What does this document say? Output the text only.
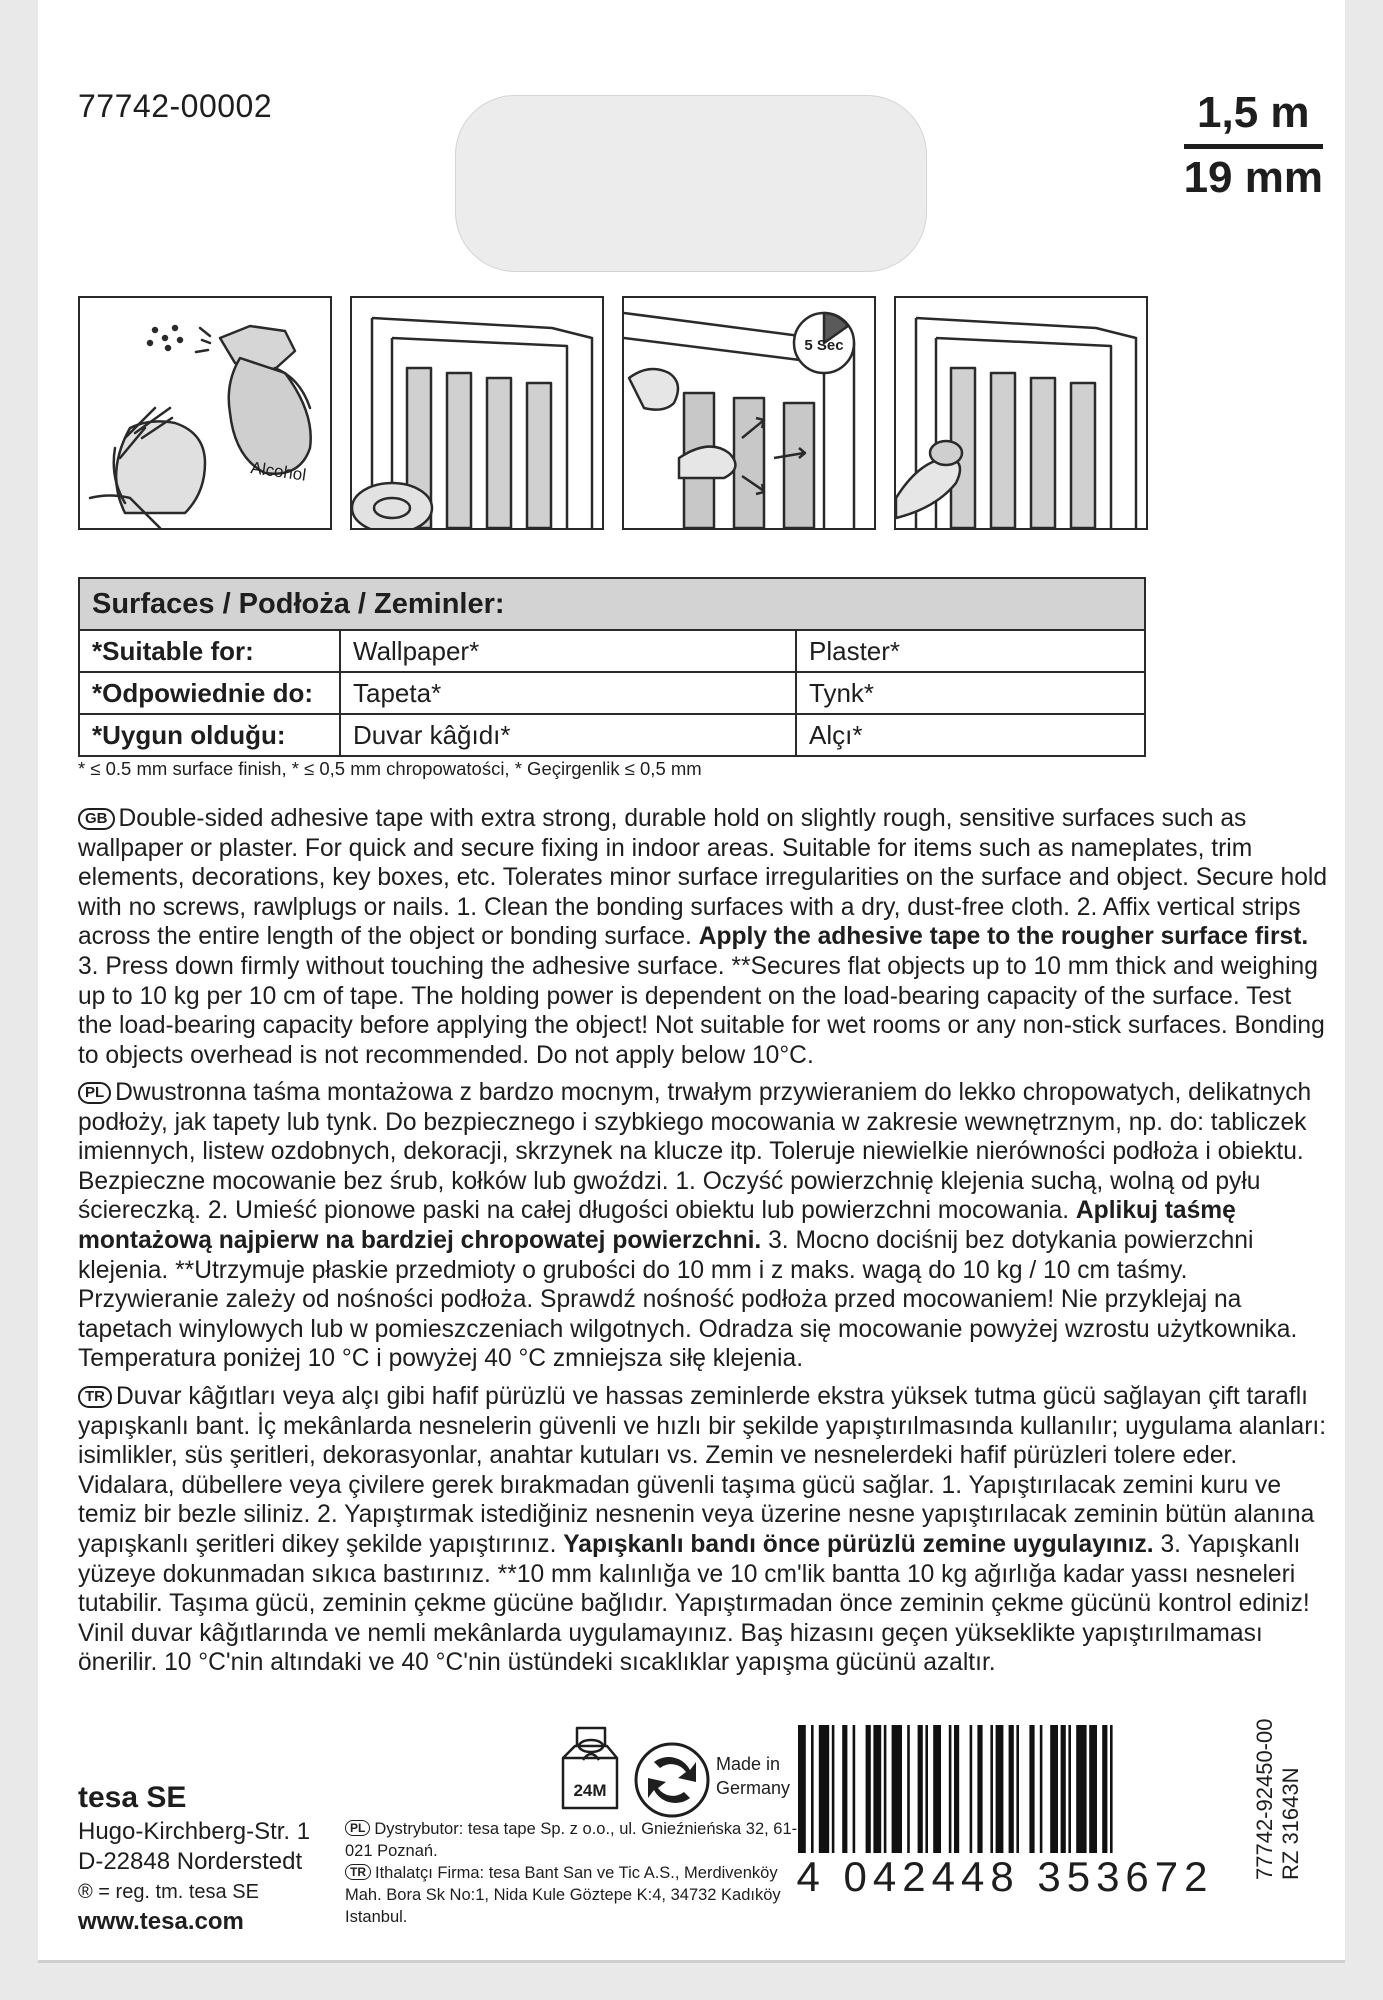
77742-00002	1,5 m
19 mm
Alcohol
5 Sec
Surfaces / Podłoża / Zeminler:		
*Suitable for:	Wallpaper*	Plaster*
*Odpowiednie do:	Tapeta*	Tynk*
*Uygun olduğu:	Duvar kâğıdı*	Alçı*
* ≤ 0.5 mm surface finish, * ≤ 0,5 mm chropowatości, * Geçirgenlik ≤ 0,5 mm
GB Double-sided adhesive tape with extra strong, durable hold on slightly rough, sensitive surfaces such as wallpaper or plaster. For quick and secure fixing in indoor areas. Suitable for items such as nameplates, trim elements, decorations, key boxes, etc. Tolerates minor surface irregularities on the surface and object. Secure hold with no screws, rawlplugs or nails. 1. Clean the bonding surfaces with a dry, dust-free cloth. 2. Affix vertical strips across the entire length of the object or bonding surface. Apply the adhesive tape to the rougher surface first. 3. Press down firmly without touching the adhesive surface. **Secures flat objects up to 10 mm thick and weighing up to 10 kg per 10 cm of tape. The holding power is dependent on the load-bearing capacity of the surface. Test the load-bearing capacity before applying the object! Not suitable for wet rooms or any non-stick surfaces. Bonding to objects overhead is not recommended. Do not apply below 10°C.
PL Dwustronna taśma montażowa z bardzo mocnym, trwałym przywieraniem do lekko chropowatych, delikatnych podłoży, jak tapety lub tynk. Do bezpiecznego i szybkiego mocowania w zakresie wewnętrznym, np. do: tabliczek imiennych, listew ozdobnych, dekoracji, skrzynek na klucze itp. Toleruje niewielkie nierówności podłoża i obiektu. Bezpieczne mocowanie bez śrub, kołków lub gwoździ. 1. Oczyść powierzchnię klejenia suchą, wolną od pyłu ściereczką. 2. Umieść pionowe paski na całej długości obiektu lub powierzchni mocowania. Aplikuj taśmę montażową najpierw na bardziej chropowatej powierzchni. 3. Mocno dociśnij bez dotykania powierzchni klejenia. **Utrzymuje płaskie przedmioty o grubości do 10 mm i z maks. wagą do 10 kg / 10 cm taśmy. Przywieranie zależy od nośności podłoża. Sprawdź nośność podłoża przed mocowaniem! Nie przyklejaj na tapetach winylowych lub w pomieszczeniach wilgotnych. Odradza się mocowanie powyżej wzrostu użytkownika. Temperatura poniżej 10 °C i powyżej 40 °C zmniejsza siłę klejenia.
TR Duvar kâğıtları veya alçı gibi hafif pürüzlü ve hassas zeminlerde ekstra yüksek tutma gücü sağlayan çift taraflı yapışkanlı bant. İç mekânlarda nesnelerin güvenli ve hızlı bir şekilde yapıştırılmasında kullanılır; uygulama alanları: isimlikler, süs şeritleri, dekorasyonlar, anahtar kutuları vs. Zemin ve nesnelerdeki hafif pürüzleri tolere eder. Vidalara, dübellere veya çivilere gerek bırakmadan güvenli taşıma gücü sağlar. 1. Yapıştırılacak zemini kuru ve temiz bir bezle siliniz. 2. Yapıştırmak istediğiniz nesnenin veya üzerine nesne yapıştırılacak zeminin bütün alanına yapışkanlı şeritleri dikey şekilde yapıştırınız. Yapışkanlı bandı önce pürüzlü zemine uygulayınız. 3. Yapışkanlı yüzeye dokunmadan sıkıca bastırınız. **10 mm kalınlığa ve 10 cm'lik bantta 10 kg ağırlığa kadar yassı nesneleri tutabilir. Taşıma gücü, zeminin çekme gücüne bağlıdır. Yapıştırmadan önce zeminin çekme gücünü kontrol ediniz! Vinil duvar kâğıtlarında ve nemli mekânlarda uygulamayınız. Baş hizasını geçen yükseklikte yapıştırılmaması önerilir. 10 °C'nin altındaki ve 40 °C'nin üstündeki sıcaklıklar yapışma gücünü azaltır.
tesa SE
Hugo-Kirchberg-Str. 1
D-22848 Norderstedt
® = reg. tm. tesa SE
www.tesa.com
24M
Made in
Germany
PL Dystrybutor: tesa tape Sp. z o.o., ul. Gnieźnieńska 32, 61-021 Poznań.
TR Ithalatçı Firma: tesa Bant San ve Tic A.S., Merdivenköy Mah. Bora Sk No:1, Nida Kule Göztepe K:4, 34732 Kadıköy Istanbul.
4 042448 353672 77742-92450-00 RZ 31643N
